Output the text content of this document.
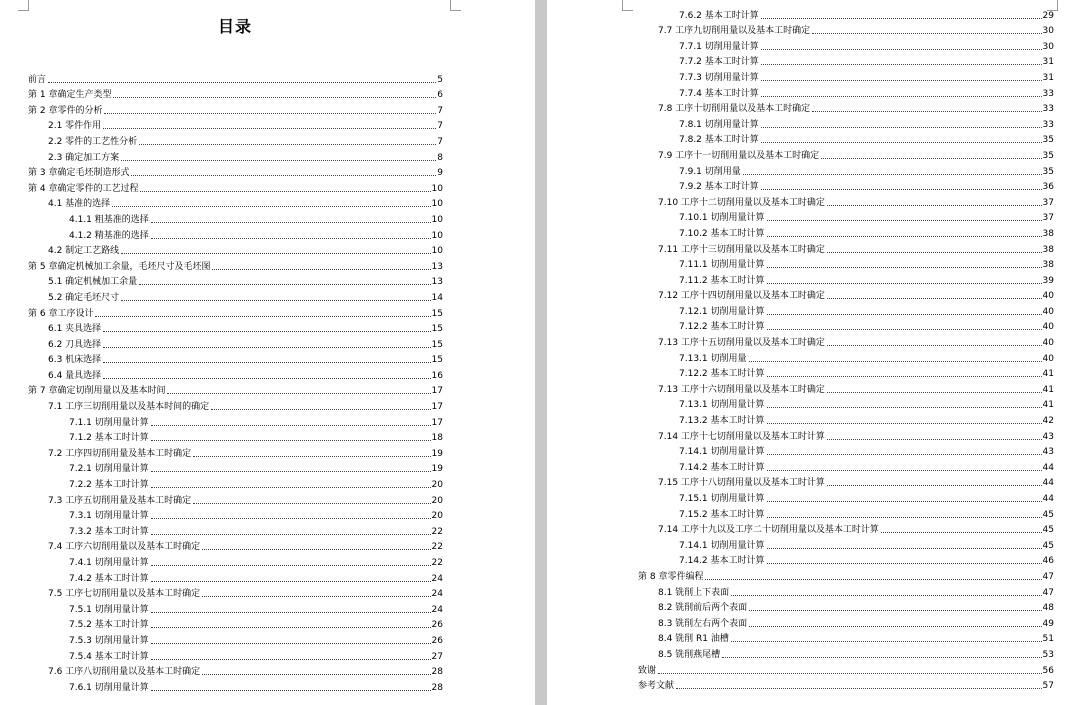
目录
前言	5
第 1 章确定生产类型	6
第 2 章零件的分析	7
2.1 零件作用	7
2.2 零件的工艺性分析	7
2.3 确定加工方案	8
第 3 章确定毛坯制造形式	9
第 4 章确定零件的工艺过程	10
4.1 基准的选择	10
4.1.1 粗基准的选择	10
4.1.2 精基准的选择	10
4.2 制定工艺路线	10
第 5 章确定机械加工余量，毛坯尺寸及毛坯图	13
5.1 确定机械加工余量	13
5.2 确定毛坯尺寸	14
第 6 章工序设计	15
6.1 夹具选择	15
6.2 刀具选择	15
6.3 机床选择	15
6.4 量具选择	16
第 7 章确定切削用量以及基本时间	17
7.1 工序三切削用量以及基本时间的确定	17
7.1.1 切削用量计算	17
7.1.2 基本工时计算	18
7.2 工序四切削用量及基本工时确定	19
7.2.1 切削用量计算	19
7.2.2 基本工时计算	20
7.3 工序五切削用量及基本工时确定	20
7.3.1 切削用量计算	20
7.3.2 基本工时计算	22
7.4 工序六切削用量以及基本工时确定	22
7.4.1 切削用量计算	22
7.4.2 基本工时计算	24
7.5 工序七切削用量以及基本工时确定	24
7.5.1 切削用量计算	24
7.5.2 基本工时计算	26
7.5.3 切削用量计算	26
7.5.4 基本工时计算	27
7.6 工序八切削用量以及基本工时确定	28
7.6.1 切削用量计算	28
7.6.2 基本工时计算	29
7.7 工序九切削用量以及基本工时确定	30
7.7.1 切削用量计算	30
7.7.2 基本工时计算	31
7.7.3 切削用量计算	31
7.7.4 基本工时计算	33
7.8 工序十切削用量以及基本工时确定	33
7.8.1 切削用量计算	33
7.8.2 基本工时计算	35
7.9 工序十一切削用量以及基本工时确定	35
7.9.1 切削用量	35
7.9.2 基本工时计算	36
7.10 工序十二切削用量以及基本工时确定	37
7.10.1 切削用量计算	37
7.10.2 基本工时计算	38
7.11 工序十三切削用量以及基本工时确定	38
7.11.1 切削用量计算	38
7.11.2 基本工时计算	39
7.12 工序十四切削用量以及基本工时确定	40
7.12.1 切削用量计算	40
7.12.2 基本工时计算	40
7.13 工序十五切削用量以及基本工时确定	40
7.13.1 切削用量	40
7.12.2 基本工时计算	41
7.13 工序十六切削用量以及基本工时确定	41
7.13.1 切削用量计算	41
7.13.2 基本工时计算	42
7.14 工序十七切削用量以及基本工时计算	43
7.14.1 切削用量计算	43
7.14.2 基本工时计算	44
7.15 工序十八切削用量以及基本工时计算	44
7.15.1 切削用量计算	44
7.15.2 基本工时计算	45
7.14 工序十九以及工序二十切削用量以及基本工时计算	45
7.14.1 切削用量计算	45
7.14.2 基本工时计算	46
第 8 章零件编程	47
8.1 铣削上下表面	47
8.2 铣削前后两个表面	48
8.3 铣削左右两个表面	49
8.4 铣削 R1 油槽	51
8.5 铣削燕尾槽	53
致谢	56
参考文献	57
